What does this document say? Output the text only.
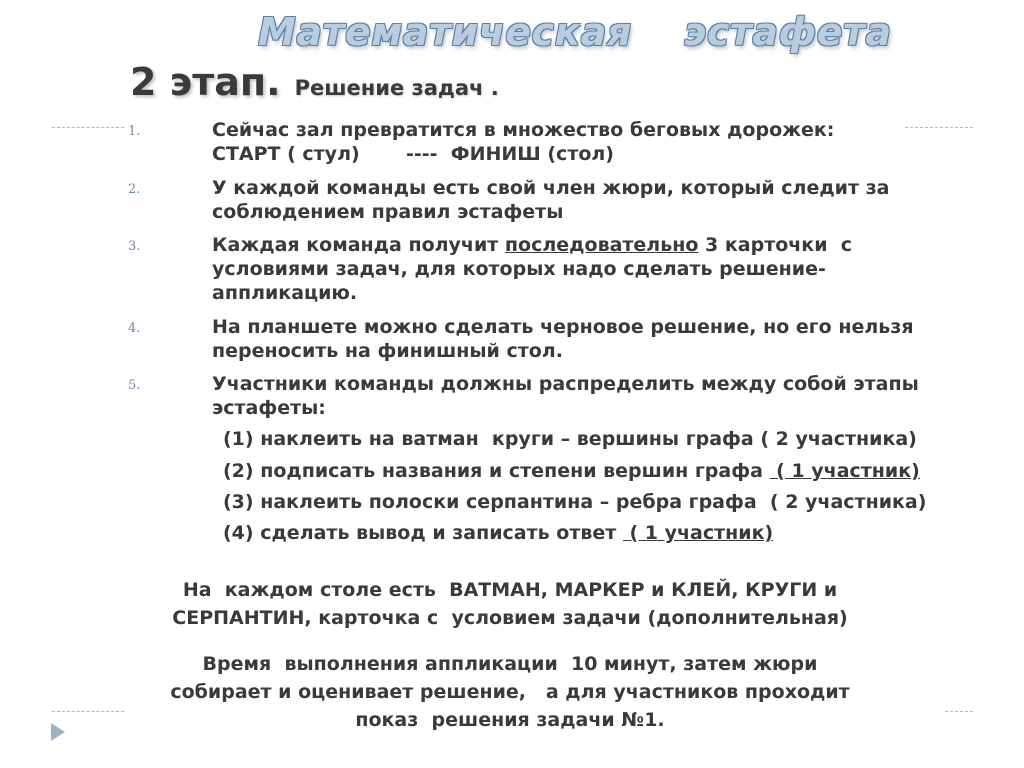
Математическая эстафета
2 этап. Решение задач .
1.	Сейчас зал превратится в множество беговых дорожек:
СТАРТ ( стул)       ----  ФИНИШ (стол)
2.	У каждой команды есть свой член жюри, который следит за
соблюдением правил эстафеты
3.	Каждая команда получит последовательно 3 карточки  с
условиями задач, для которых надо сделать решение-
аппликацию.
4.	На планшете можно сделать черновое решение, но его нельзя
переносить на финишный стол.
5.	Участники команды должны распределить между собой этапы
эстафеты:
(1) наклеить на ватман  круги – вершины графа ( 2 участника)
(2) подписать названия и степени вершин графа  ( 1 участник)
(3) наклеить полоски серпантина – ребра графа  ( 2 участника)
(4) сделать вывод и записать ответ  ( 1 участник)
На  каждом столе есть  ВАТМАН, МАРКЕР и КЛЕЙ, КРУГИ и
СЕРПАНТИН, карточка с  условием задачи (дополнительная)
Время  выполнения аппликации  10 минут, затем жюри
собирает и оценивает решение,   а для участников проходит
показ  решения задачи №1.
